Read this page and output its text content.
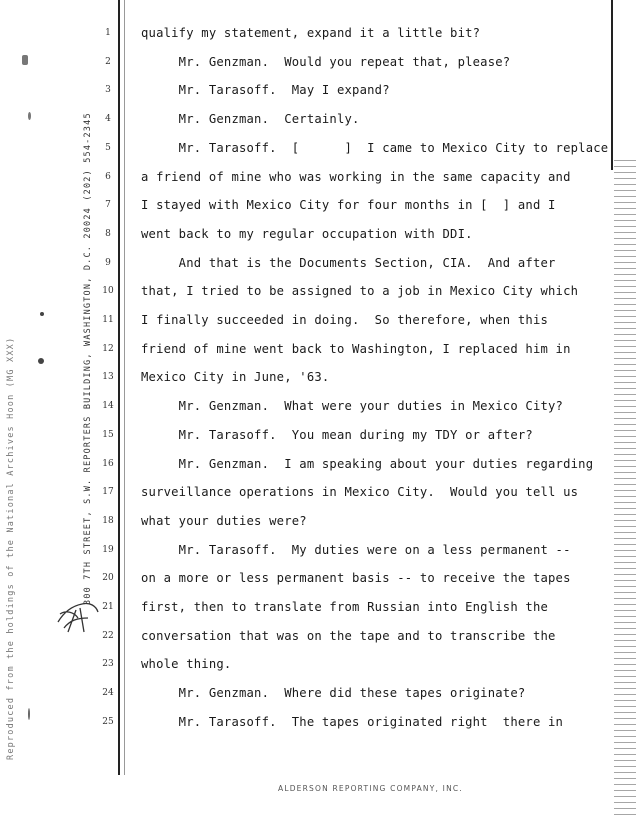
Reproduced from the holdings of the National Archives Hoon (MG XXX)	300 7TH STREET, S.W. REPORTERS BUILDING, WASHINGTON, D.C. 20024 (202) 554-2345
1
2
3
4
5
6
7
8
9
10
11
12
13
14
15
16
17
18
19
20
21
22
23
24
25
qualify my statement, expand it a little bit?
Mr. Genzman.  Would you repeat that, please?
Mr. Tarasoff.  May I expand?
Mr. Genzman.  Certainly.
Mr. Tarasoff.  [      ]  I came to Mexico City to replace
a friend of mine who was working in the same capacity and
I stayed with Mexico City for four months in [  ] and I
went back to my regular occupation with DDI.
And that is the Documents Section, CIA.  And after
that, I tried to be assigned to a job in Mexico City which
I finally succeeded in doing.  So therefore, when this
friend of mine went back to Washington, I replaced him in
Mexico City in June, '63.
Mr. Genzman.  What were your duties in Mexico City?
Mr. Tarasoff.  You mean during my TDY or after?
Mr. Genzman.  I am speaking about your duties regarding
surveillance operations in Mexico City.  Would you tell us
what your duties were?
Mr. Tarasoff.  My duties were on a less permanent --
on a more or less permanent basis -- to receive the tapes
first, then to translate from Russian into English the
conversation that was on the tape and to transcribe the
whole thing.
Mr. Genzman.  Where did these tapes originate?
Mr. Tarasoff.  The tapes originated right  there in
ALDERSON REPORTING COMPANY, INC.
